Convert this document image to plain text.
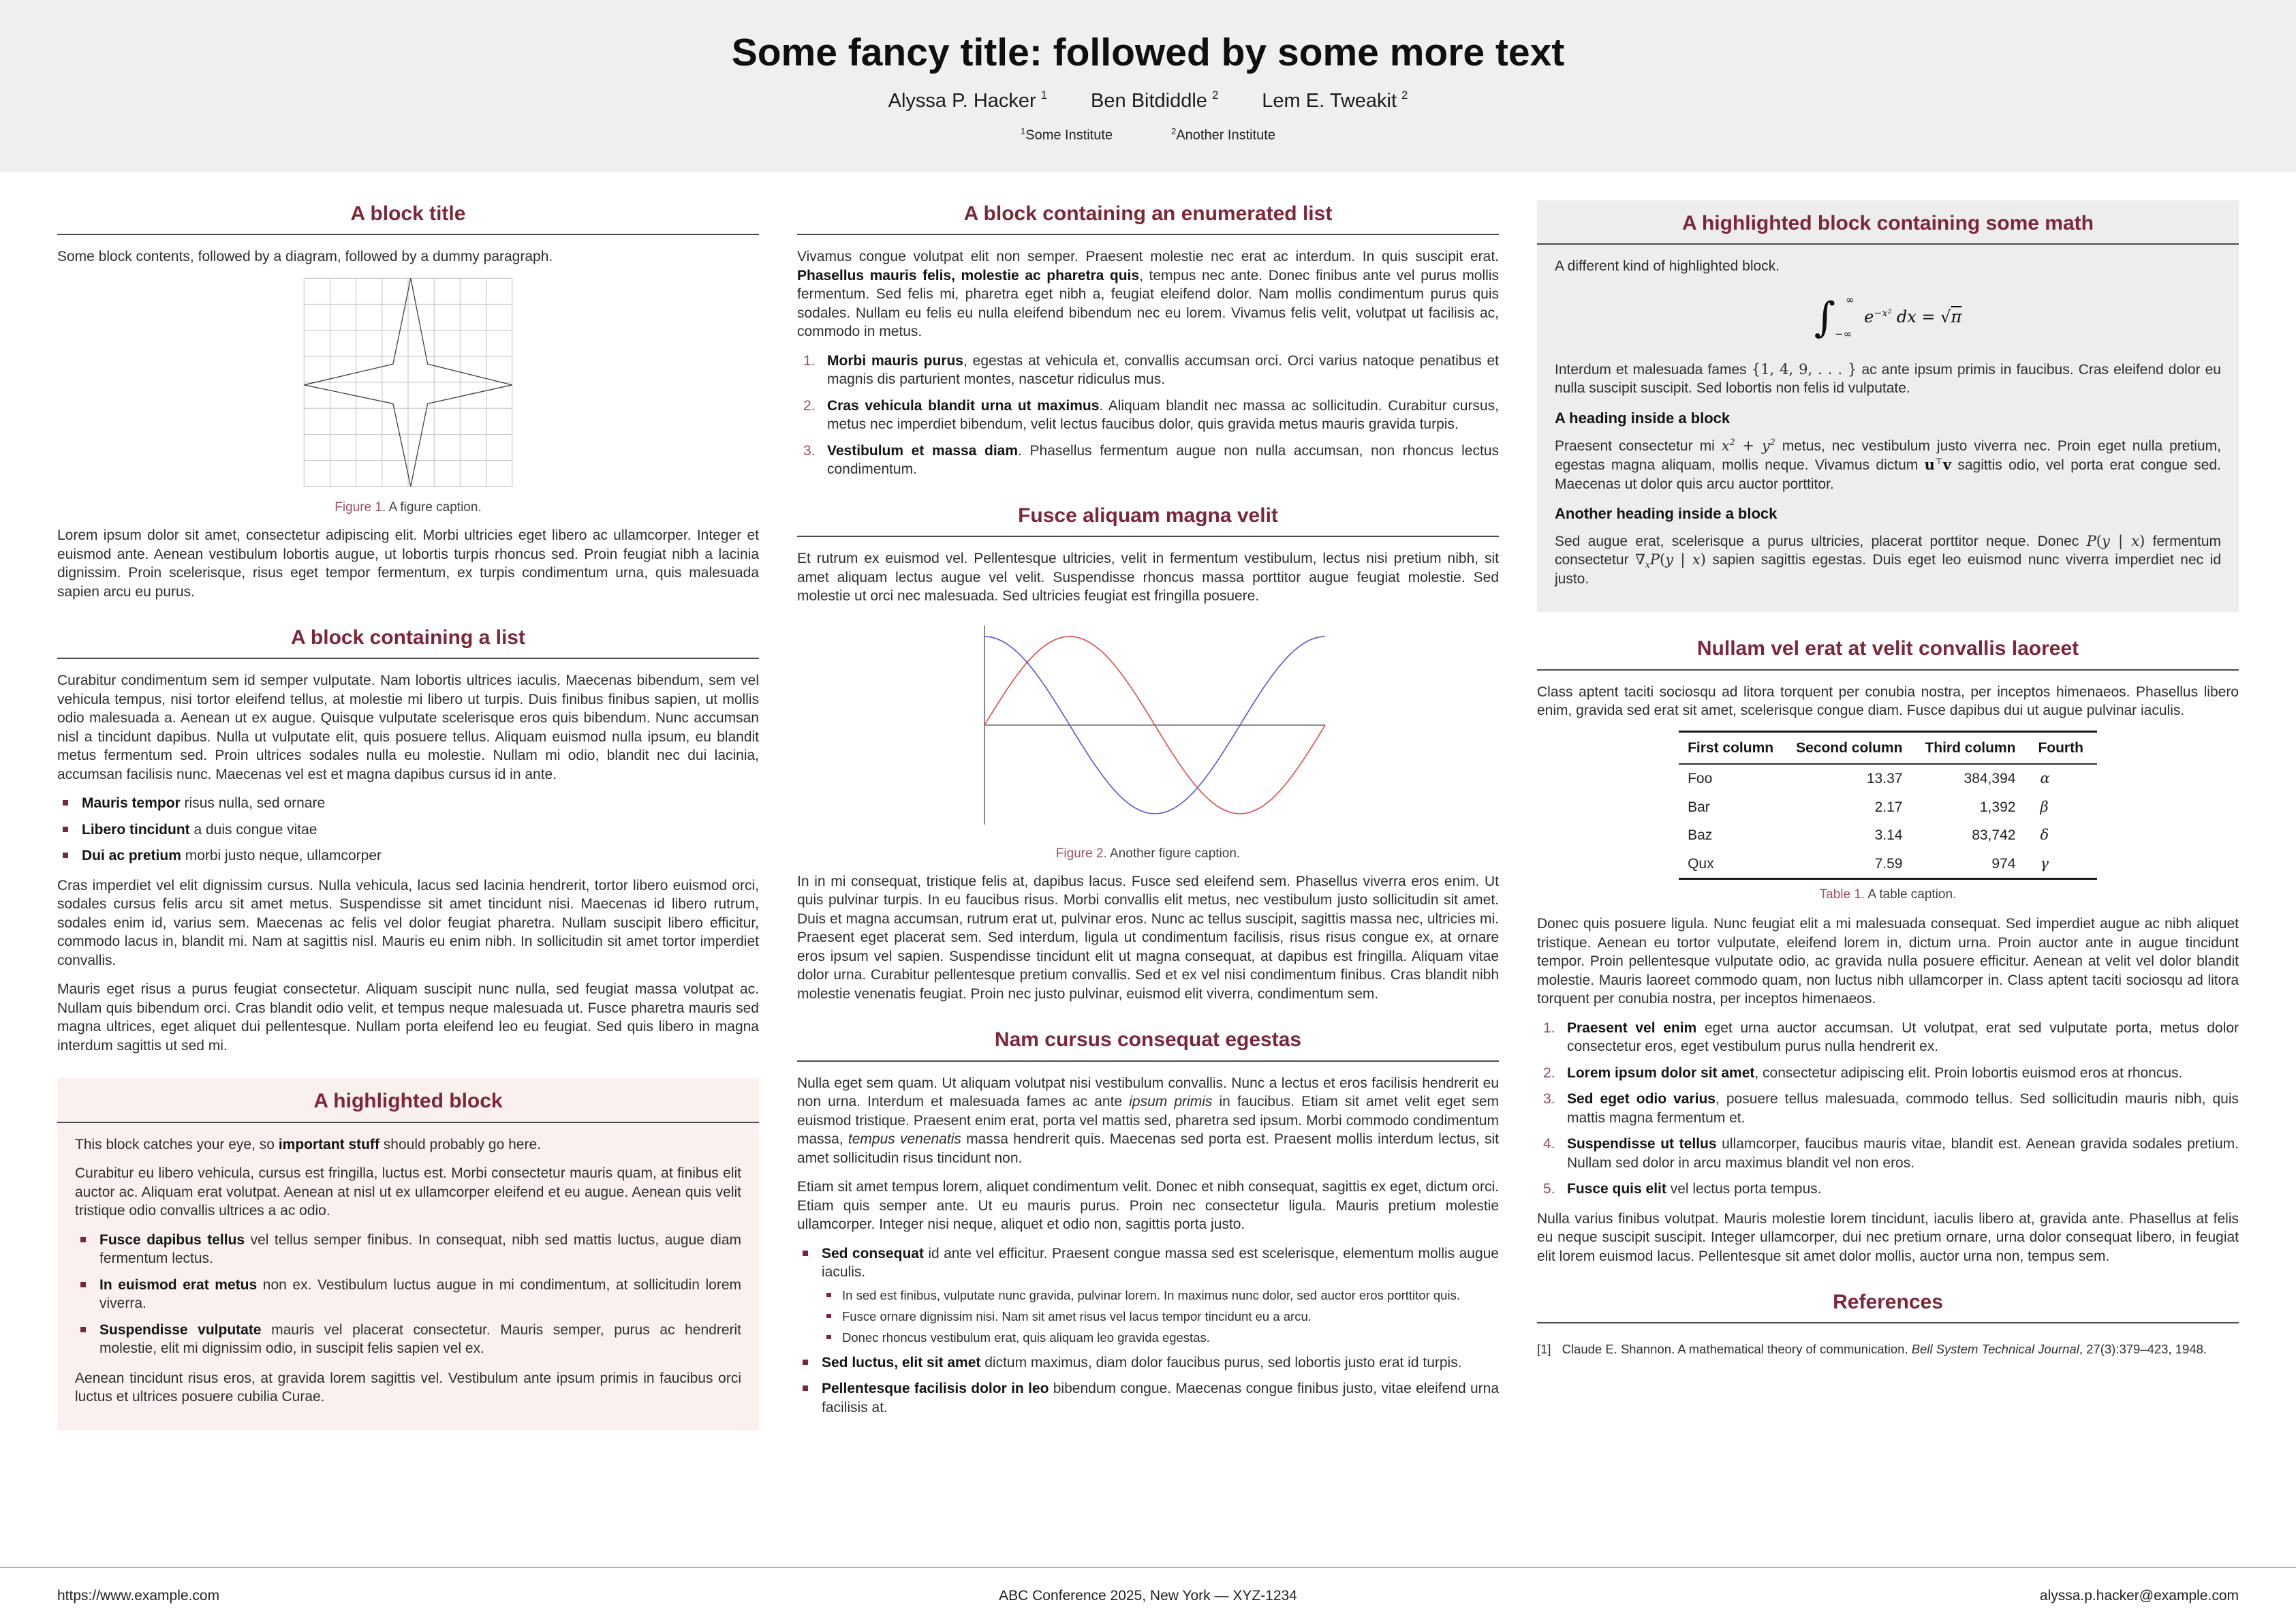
Some fancy title: followed by some more text
Alyssa P. Hacker $^1$ Ben Bitdiddle $^2$ Lem E. Tweakit $^2$
$^1$Some Institute	$^2$Another Institute
A block title

Some block contents, followed by a diagram, followed by a dummy paragraph.

Figure 1. A figure caption.

Lorem ipsum dolor sit amet, consectetur adipiscing elit. Morbi ultricies eget libero ac ullamcorper. Integer et euismod ante. Aenean vestibulum lobortis augue, ut lobortis turpis rhoncus sed. Proin feugiat nibh a lacinia dignissim. Proin scelerisque, risus eget tempor fermentum, ex turpis condimentum urna, quis malesuada sapien arcu eu purus.

A block containing a list

Curabitur condimentum sem id semper vulputate. Nam lobortis ultrices iaculis. Maecenas bibendum, sem vel vehicula tempus, nisi tortor eleifend tellus, at molestie mi libero ut turpis. Duis finibus finibus sapien, ut mollis odio malesuada a. Aenean ut ex augue. Quisque vulputate scelerisque eros quis bibendum. Nunc accumsan nisl a tincidunt dapibus. Nulla ut vulputate elit, quis posuere tellus. Aliquam euismod nulla ipsum, eu blandit metus fermentum sed. Proin ultrices sodales nulla eu molestie. Nullam mi odio, blandit nec dui lacinia, accumsan facilisis nunc. Maecenas vel est et magna dapibus cursus id in ante.

Mauris tempor risus nulla, sed ornare
Libero tincidunt a duis congue vitae
Dui ac pretium morbi justo neque, ullamcorper

Cras imperdiet vel elit dignissim cursus. Nulla vehicula, lacus sed lacinia hendrerit, tortor libero euismod orci, sodales cursus felis arcu sit amet metus. Suspendisse sit amet tincidunt nisi. Maecenas id libero rutrum, sodales enim id, varius sem. Maecenas ac felis vel dolor feugiat pharetra. Nullam suscipit libero efficitur, commodo lacus in, blandit mi. Nam at sagittis nisl. Mauris eu enim nibh. In sollicitudin sit amet tortor imperdiet convallis.

Mauris eget risus a purus feugiat consectetur. Aliquam suscipit nunc nulla, sed feugiat massa volutpat ac. Nullam quis bibendum orci. Cras blandit odio velit, et tempus neque malesuada ut. Fusce pharetra mauris sed magna ultrices, eget aliquet dui pellentesque. Nullam porta eleifend leo eu feugiat. Sed quis libero in magna interdum sagittis ut sed mi.

A highlighted block

This block catches your eye, so important stuff should probably go here.

Curabitur eu libero vehicula, cursus est fringilla, luctus est. Morbi consectetur mauris quam, at finibus elit auctor ac. Aliquam erat volutpat. Aenean at nisl ut ex ullamcorper eleifend et eu augue. Aenean quis velit tristique odio convallis ultrices a ac odio.

Fusce dapibus tellus vel tellus semper finibus. In consequat, nibh sed mattis luctus, augue diam fermentum lectus.
In euismod erat metus non ex. Vestibulum luctus augue in mi condimentum, at sollicitudin lorem viverra.
Suspendisse vulputate mauris vel placerat consectetur. Mauris semper, purus ac hendrerit molestie, elit mi dignissim odio, in suscipit felis sapien vel ex.

Aenean tincidunt risus eros, at gravida lorem sagittis vel. Vestibulum ante ipsum primis in faucibus orci luctus et ultrices posuere cubilia Curae.

A block containing an enumerated list

Vivamus congue volutpat elit non semper. Praesent molestie nec erat ac interdum. In quis suscipit erat. Phasellus mauris felis, molestie ac pharetra quis, tempus nec ante. Donec finibus ante vel purus mollis fermentum. Sed felis mi, pharetra eget nibh a, feugiat eleifend dolor. Nam mollis condimentum purus quis sodales. Nullam eu felis eu nulla eleifend bibendum nec eu lorem. Vivamus felis velit, volutpat ut facilisis ac, commodo in metus.

Morbi mauris purus, egestas at vehicula et, convallis accumsan orci. Orci varius natoque penatibus et magnis dis parturient montes, nascetur ridiculus mus.
Cras vehicula blandit urna ut maximus. Aliquam blandit nec massa ac sollicitudin. Curabitur cursus, metus nec imperdiet bibendum, velit lectus faucibus dolor, quis gravida metus mauris gravida turpis.
Vestibulum et massa diam. Phasellus fermentum augue non nulla accumsan, non rhoncus lectus condimentum.
Fusce aliquam magna velit

Et rutrum ex euismod vel. Pellentesque ultricies, velit in fermentum vestibulum, lectus nisi pretium nibh, sit amet aliquam lectus augue vel velit. Suspendisse rhoncus massa porttitor augue feugiat molestie. Sed molestie ut orci nec malesuada. Sed ultricies feugiat est fringilla posuere.

Figure 2. Another figure caption.

In in mi consequat, tristique felis at, dapibus lacus. Fusce sed eleifend sem. Phasellus viverra eros enim. Ut quis pulvinar turpis. In eu faucibus risus. Morbi convallis elit metus, nec vestibulum justo sollicitudin sit amet. Duis et magna accumsan, rutrum erat ut, pulvinar eros. Nunc ac tellus suscipit, sagittis massa nec, ultricies mi. Praesent eget placerat sem. Sed interdum, ligula ut condimentum facilisis, risus risus congue ex, at ornare eros ipsum vel sapien. Suspendisse tincidunt elit ut magna consequat, at dapibus est fringilla. Aliquam vitae dolor urna. Curabitur pellentesque pretium convallis. Sed et ex vel nisi condimentum finibus. Cras blandit nibh molestie venenatis feugiat. Proin nec justo pulvinar, euismod elit viverra, condimentum sem.

Nam cursus consequat egestas

Nulla eget sem quam. Ut aliquam volutpat nisi vestibulum convallis. Nunc a lectus et eros facilisis hendrerit eu non urna. Interdum et malesuada fames ac ante ipsum primis in faucibus. Etiam sit amet velit eget sem euismod tristique. Praesent enim erat, porta vel mattis sed, pharetra sed ipsum. Morbi commodo condimentum massa, tempus venenatis massa hendrerit quis. Maecenas sed porta est. Praesent mollis interdum lectus, sit amet sollicitudin risus tincidunt non.

Etiam sit amet tempus lorem, aliquet condimentum velit. Donec et nibh consequat, sagittis ex eget, dictum orci. Etiam quis semper ante. Ut eu mauris purus. Proin nec consectetur ligula. Mauris pretium molestie ullamcorper. Integer nisi neque, aliquet et odio non, sagittis porta justo.

Sed consequat id ante vel efficitur. Praesent congue massa sed est scelerisque, elementum mollis augue iaculis.
In sed est finibus, vulputate nunc gravida, pulvinar lorem. In maximus nunc dolor, sed auctor eros porttitor quis.
Fusce ornare dignissim nisi. Nam sit amet risus vel lacus tempor tincidunt eu a arcu.
Donec rhoncus vestibulum erat, quis aliquam leo gravida egestas.
Sed luctus, elit sit amet dictum maximus, diam dolor faucibus purus, sed lobortis justo erat id turpis.
Pellentesque facilisis dolor in leo bibendum congue. Maecenas congue finibus justo, vitae eleifend urna facilisis at.
A highlighted block containing some math

A different kind of highlighted block.

∫ ∞
−∞
$e^{-x^2}$ dx = √π

Interdum et malesuada fames {1, 4, 9, . . . } ac ante ipsum primis in faucibus. Cras eleifend dolor eu nulla suscipit suscipit. Sed lobortis non felis id vulputate.

A heading inside a block

Praesent consectetur mi $x^2 + y^2$ metus, nec vestibulum justo viverra nec. Proin eget nulla pretium, egestas magna aliquam, mollis neque. Vivamus dictum u⊤v sagittis odio, vel porta erat congue sed. Maecenas ut dolor quis arcu auctor porttitor.

Another heading inside a block

Sed augue erat, scelerisque a purus ultricies, placerat porttitor neque. Donec P(y | x) fermentum consectetur $\nabla_xP(y$ | x) sapien sagittis egestas. Duis eget leo euismod nunc viverra imperdiet nec id justo.

Nullam vel erat at velit convallis laoreet

Class aptent taciti sociosqu ad litora torquent per conubia nostra, per inceptos himenaeos. Phasellus libero enim, gravida sed erat sit amet, scelerisque congue diam. Fusce dapibus dui ut augue pulvinar iaculis.

First column	Second column	Third column	Fourth
Foo	13.37	384,394	α
Bar	2.17	1,392	β
Baz	3.14	83,742	δ
Qux	7.59	974	γ
Table 1. A table caption.

Donec quis posuere ligula. Nunc feugiat elit a mi malesuada consequat. Sed imperdiet augue ac nibh aliquet tristique. Aenean eu tortor vulputate, eleifend lorem in, dictum urna. Proin auctor ante in augue tincidunt tempor. Proin pellentesque vulputate odio, ac gravida nulla posuere efficitur. Aenean at velit vel dolor blandit molestie. Mauris laoreet commodo quam, non luctus nibh ullamcorper in. Class aptent taciti sociosqu ad litora torquent per conubia nostra, per inceptos himenaeos.

Praesent vel enim eget urna auctor accumsan. Ut volutpat, erat sed vulputate porta, metus dolor consectetur eros, eget vestibulum purus nulla hendrerit ex.
Lorem ipsum dolor sit amet, consectetur adipiscing elit. Proin lobortis euismod eros at rhoncus.
Sed eget odio varius, posuere tellus malesuada, commodo tellus. Sed sollicitudin mauris nibh, quis mattis magna fermentum et.
Suspendisse ut tellus ullamcorper, faucibus mauris vitae, blandit est. Aenean gravida sodales pretium. Nullam sed dolor in arcu maximus blandit vel non eros.
Fusce quis elit vel lectus porta tempus.

Nulla varius finibus volutpat. Mauris molestie lorem tincidunt, iaculis libero at, gravida ante. Phasellus at felis eu neque suscipit suscipit. Integer ullamcorper, dui nec pretium ornare, urna dolor consequat libero, in feugiat elit lorem euismod lacus. Pellentesque sit amet dolor mollis, auctor urna non, tempus sem.

References
[1] Claude E. Shannon. A mathematical theory of communication. Bell System Technical Journal, 27(3):379–423, 1948.
https://www.example.com	ABC Conference 2025, New York — XYZ-1234	alyssa.p.hacker@example.com
